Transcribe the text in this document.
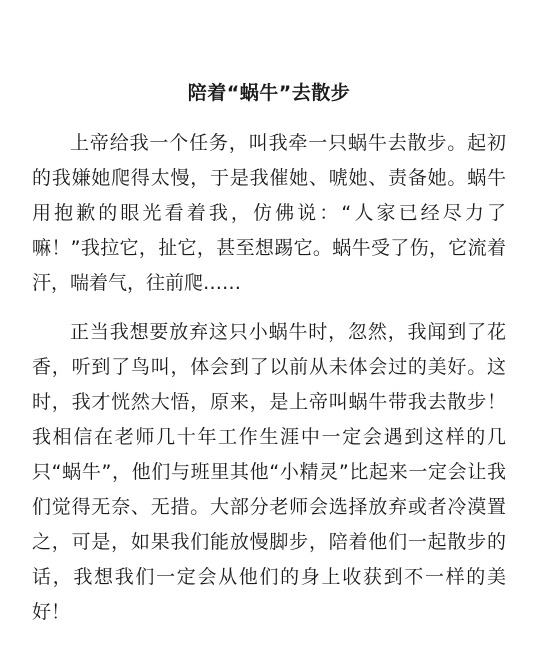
陪着“蜗牛”去散步

上帝给我一个任务，叫我牵一只蜗牛去散步。起初的我嫌她爬得太慢，于是我催她、唬她、责备她。蜗牛用抱歉的眼光看着我，仿佛说：“人家已经尽力了嘛！”我拉它，扯它，甚至想踢它。蜗牛受了伤，它流着汗，喘着气，往前爬……

正当我想要放弃这只小蜗牛时，忽然，我闻到了花香，听到了鸟叫，体会到了以前从未体会过的美好。这时，我才恍然大悟，原来，是上帝叫蜗牛带我去散步！我相信在老师几十年工作生涯中一定会遇到这样的几只“蜗牛”，他们与班里其他“小精灵”比起来一定会让我们觉得无奈、无措。大部分老师会选择放弃或者冷漠置之，可是，如果我们能放慢脚步，陪着他们一起散步的话，我想我们一定会从他们的身上收获到不一样的美好！
